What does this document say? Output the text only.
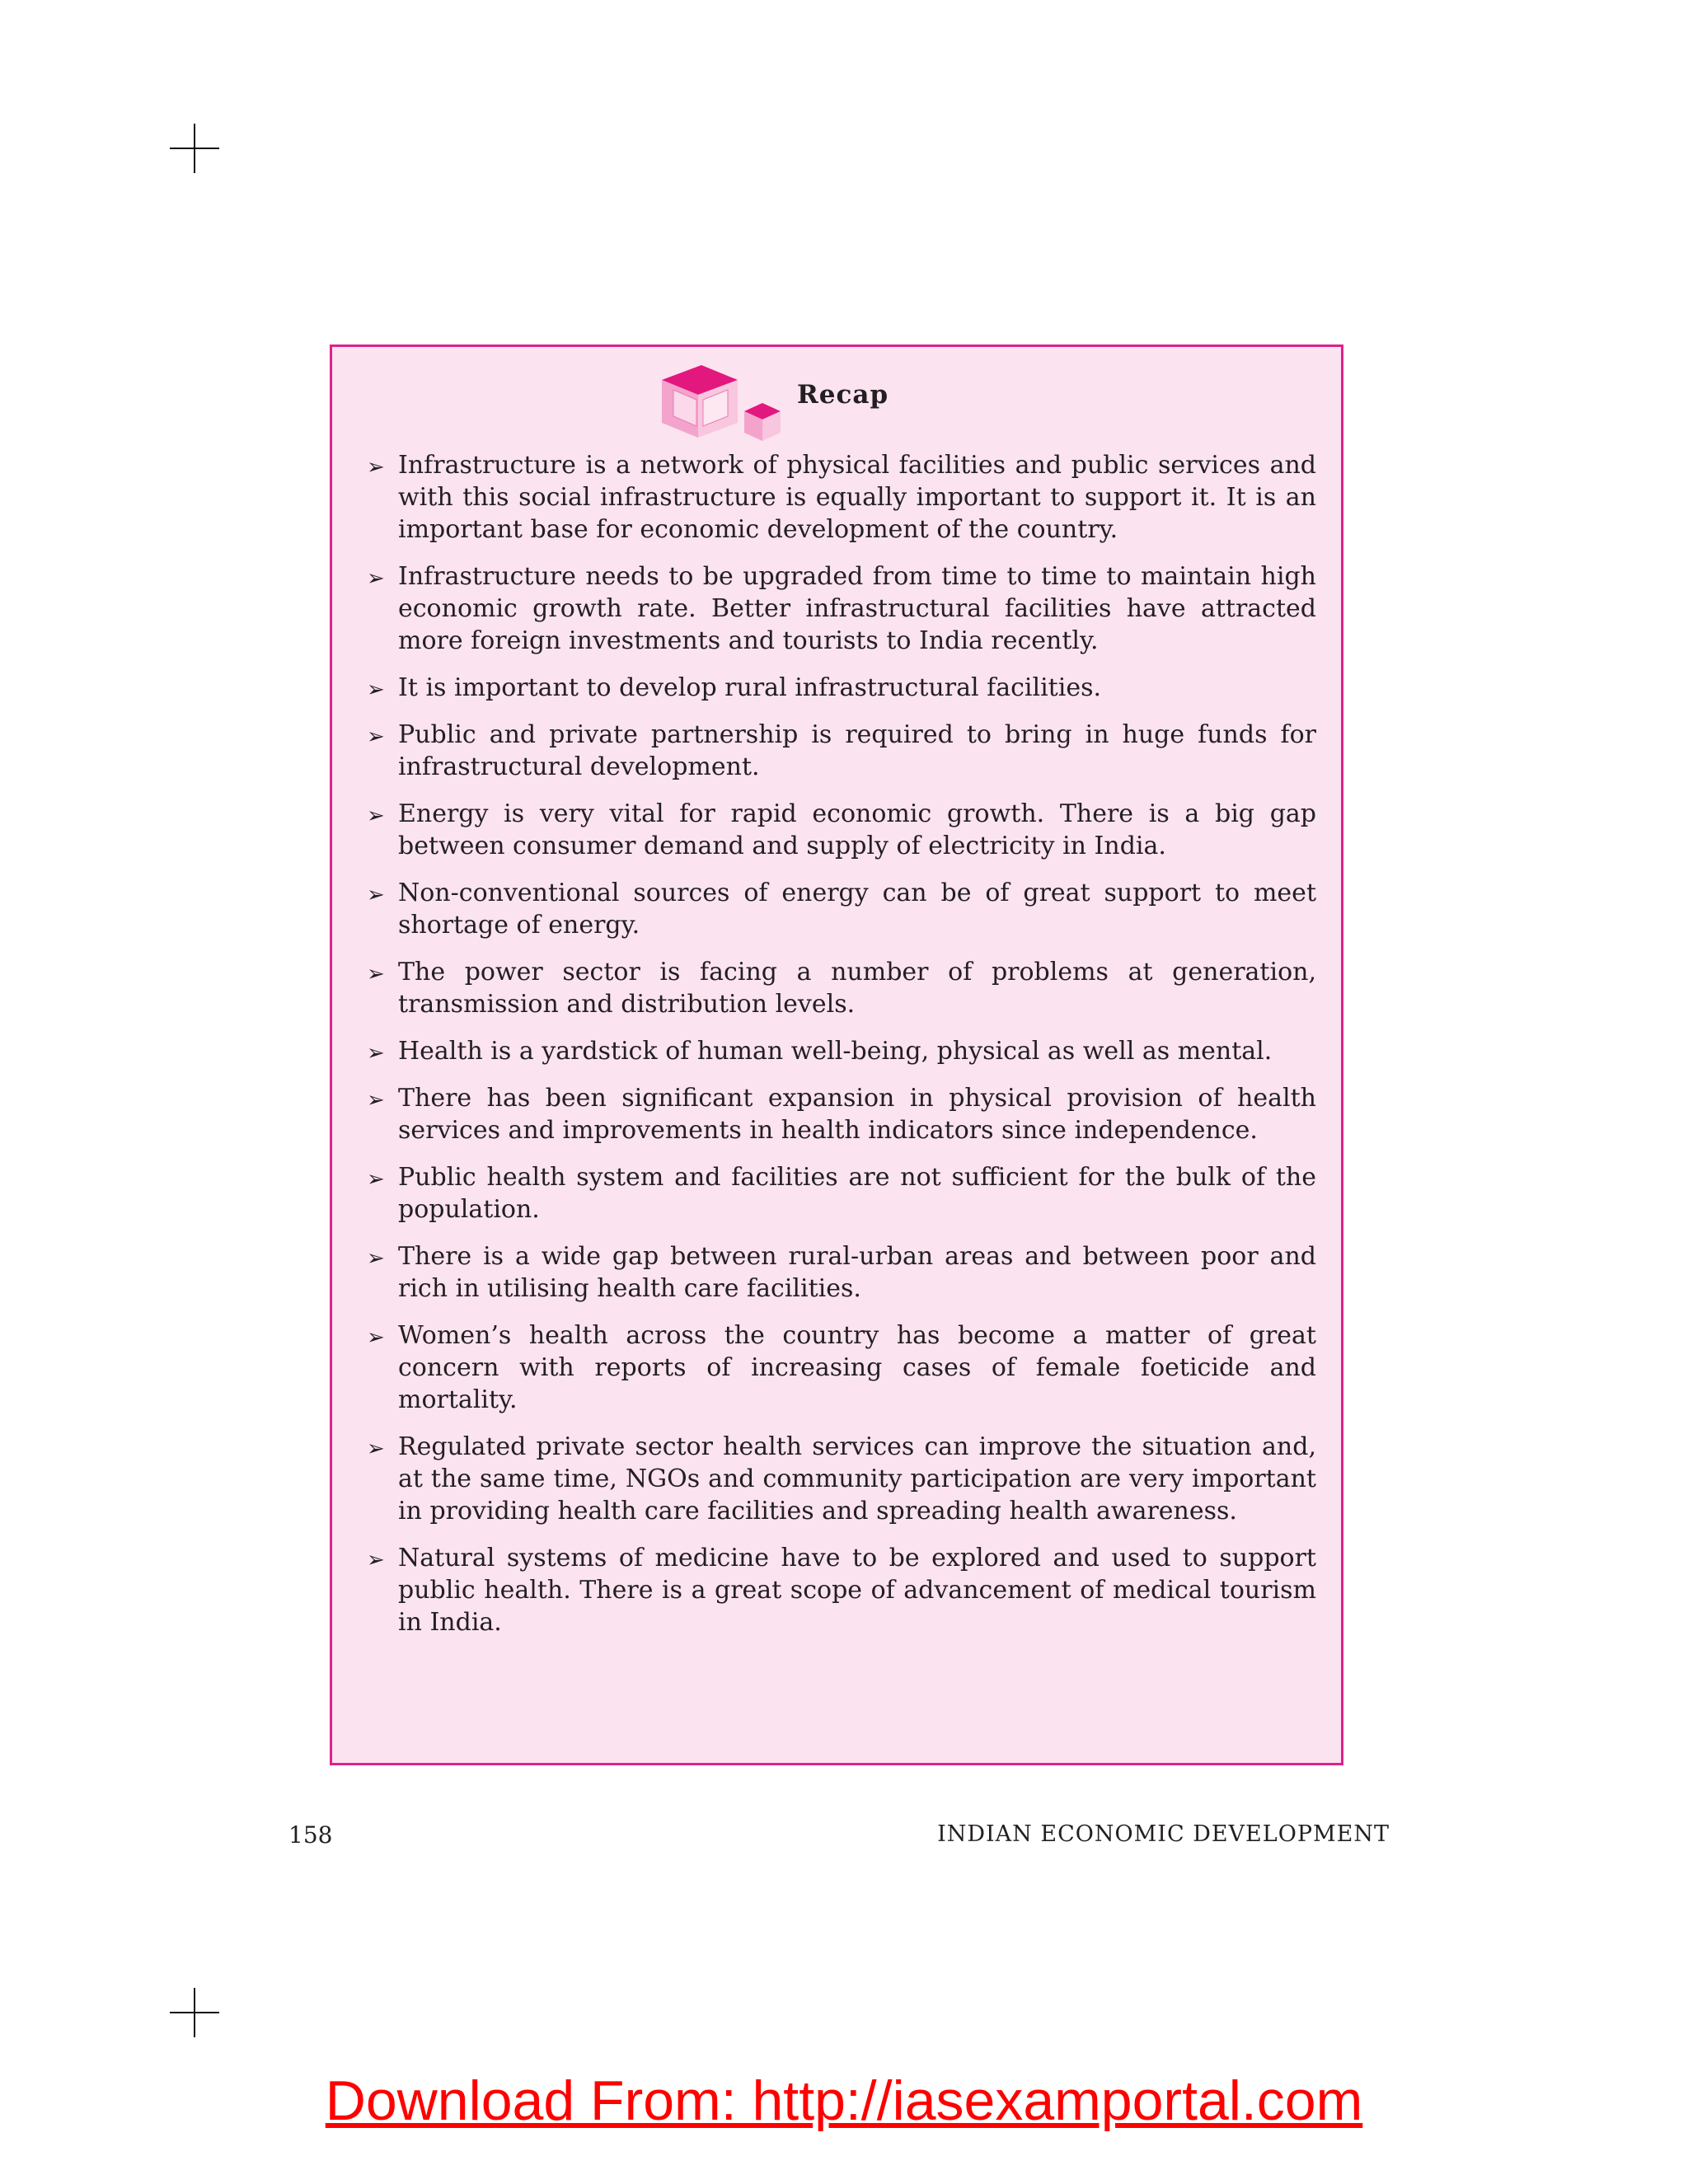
Recap
➢ Infrastructure is a network of physical facilities and public services and with this social infrastructure is equally important to support it. It is an important base for economic development of the country.
➢ Infrastructure needs to be upgraded from time to time to maintain high economic growth rate. Better infrastructural facilities have attracted more foreign investments and tourists to India recently.
➢ It is important to develop rural infrastructural facilities.
➢ Public and private partnership is required to bring in huge funds for infrastructural development.
➢ Energy is very vital for rapid economic growth. There is a big gap between consumer demand and supply of electricity in India.
➢ Non-conventional sources of energy can be of great support to meet shortage of energy.
➢ The power sector is facing a number of problems at generation, transmission and distribution levels.
➢ Health is a yardstick of human well-being, physical as well as mental.
➢ There has been significant expansion in physical provision of health services and improvements in health indicators since independence.
➢ Public health system and facilities are not sufficient for the bulk of the population.
➢ There is a wide gap between rural-urban areas and between poor and rich in utilising health care facilities.
➢ Women’s health across the country has become a matter of great concern with reports of increasing cases of female foeticide and mortality.
➢ Regulated private sector health services can improve the situation and, at the same time, NGOs and community participation are very important in providing health care facilities and spreading health awareness.
➢ Natural systems of medicine have to be explored and used to support public health. There is a great scope of advancement of medical tourism in India.
158	INDIAN ECONOMIC DEVELOPMENT
Download From: http://iasexamportal.com
